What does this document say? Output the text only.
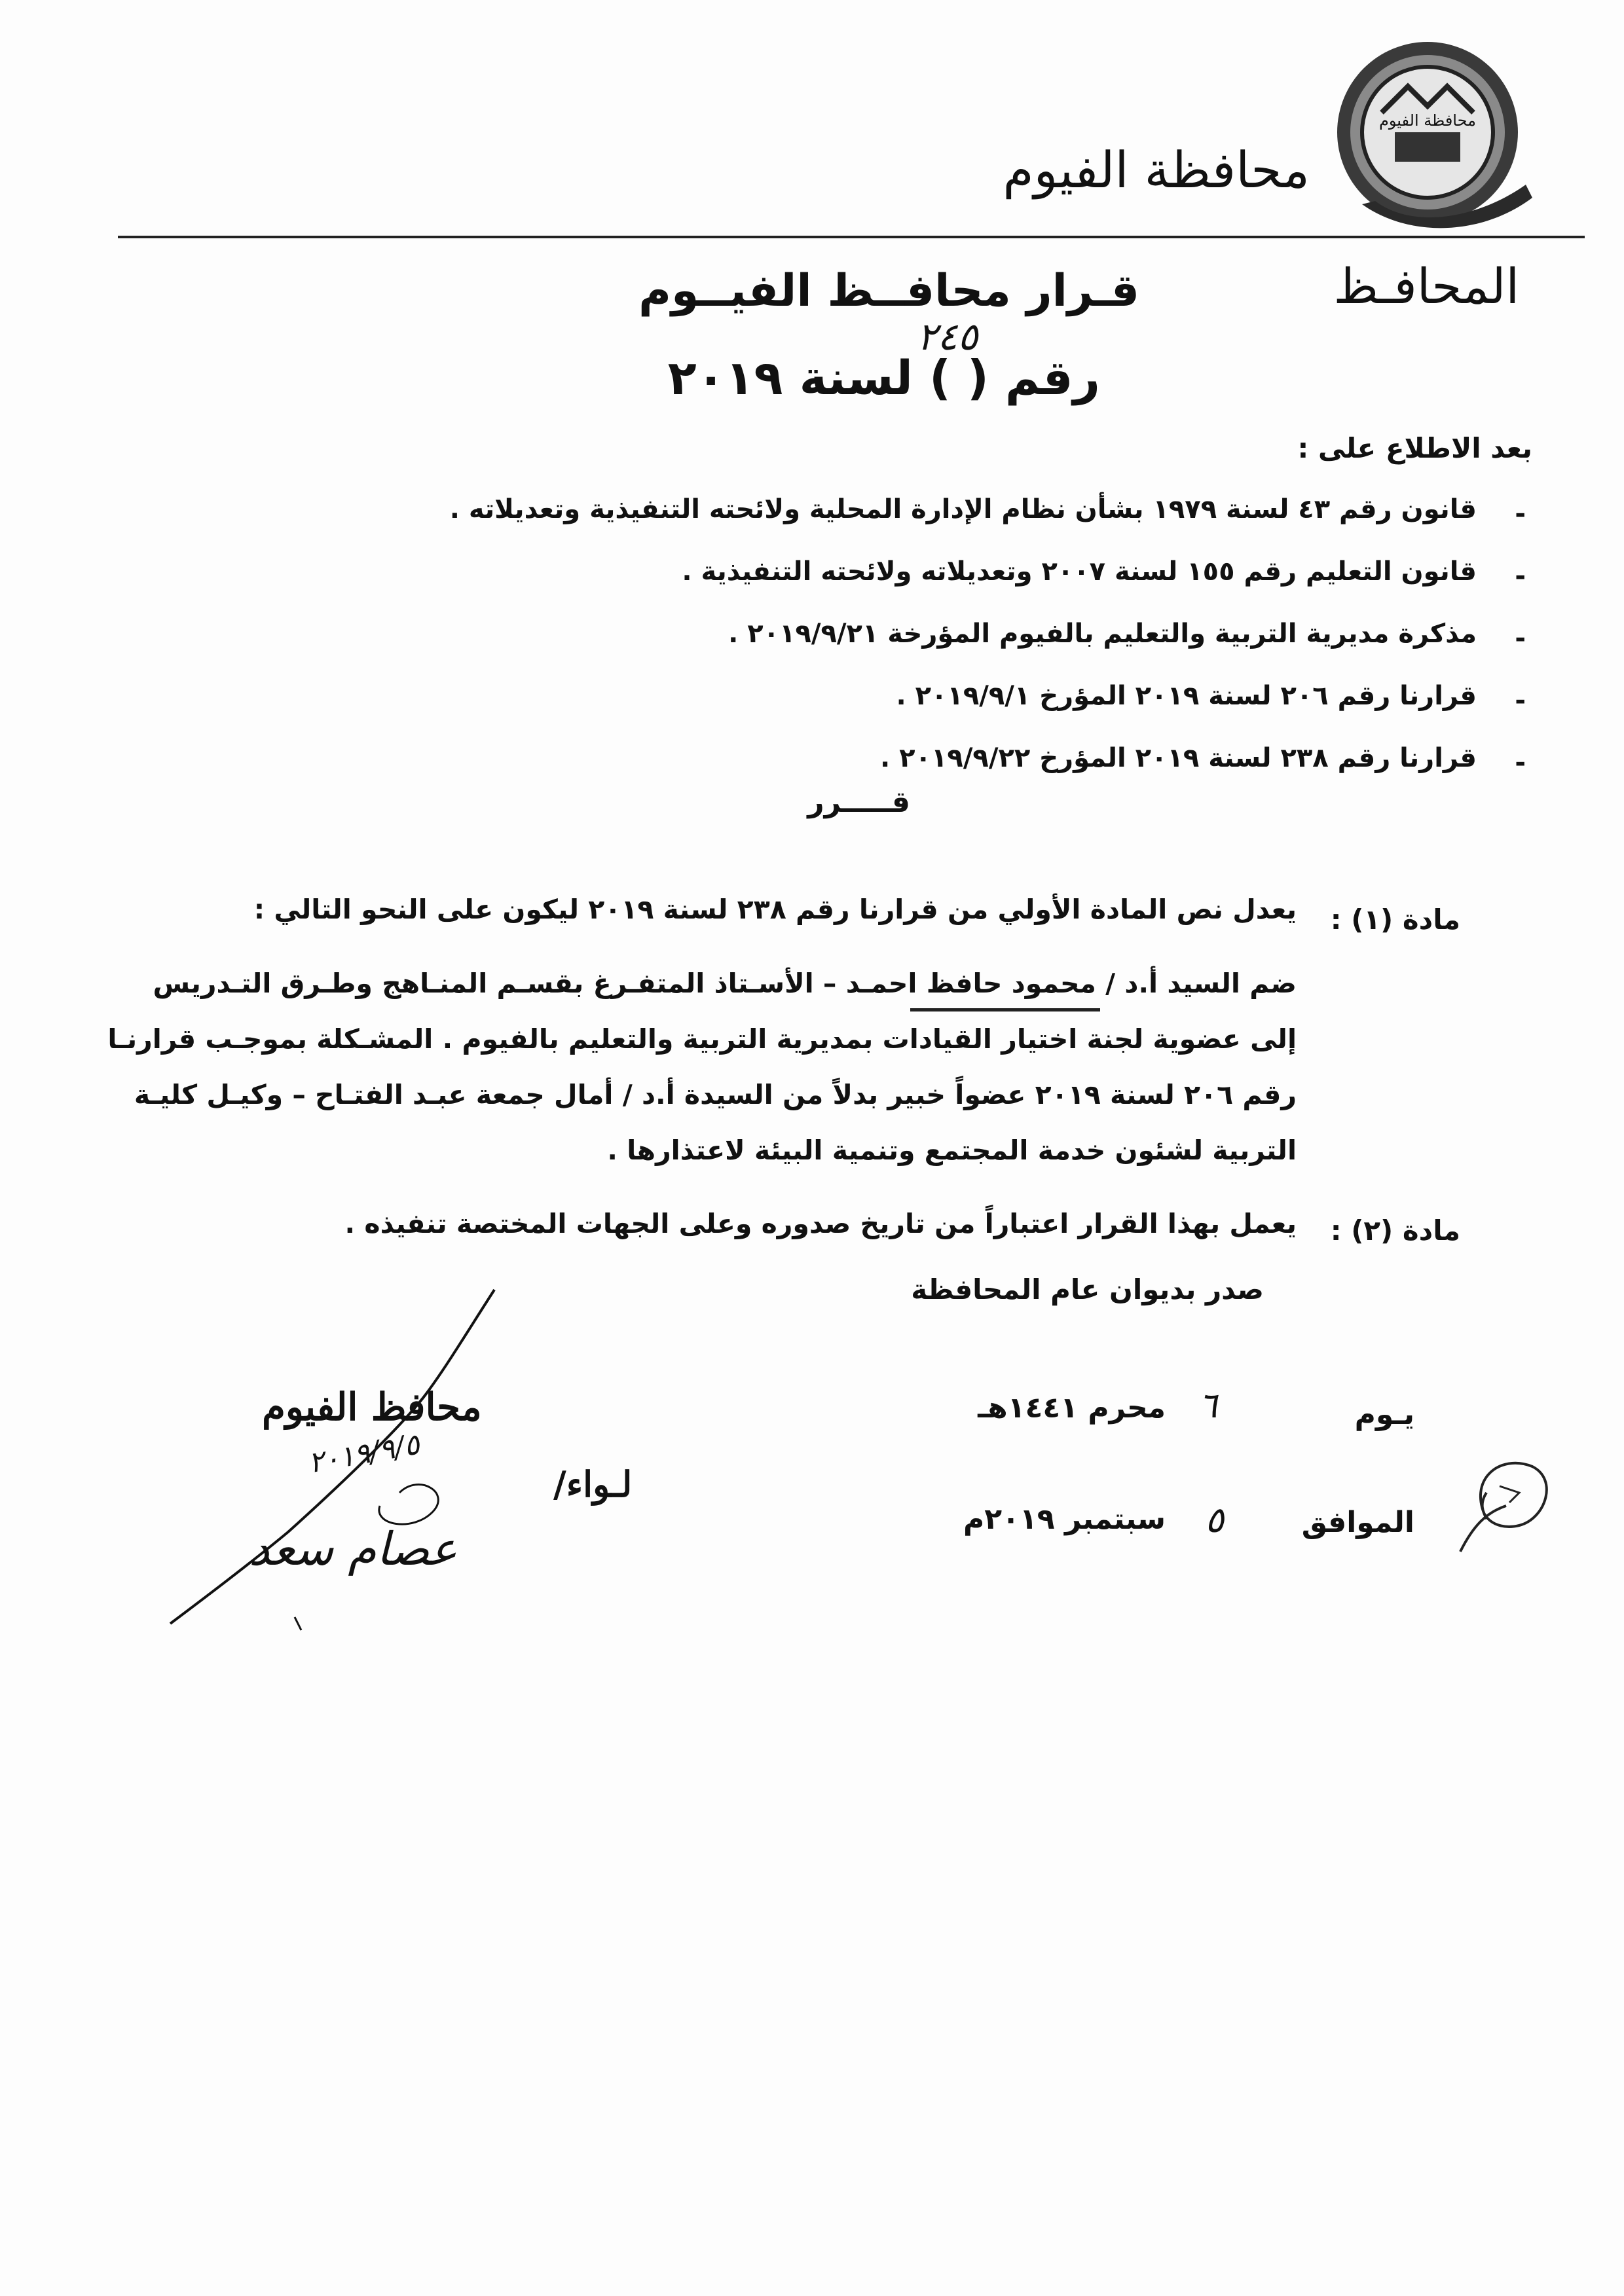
محافظة الفيوم
محافظة الفيوم
المحافـظ
قـرار محافــظ الفيــوم
٢٤٥
رقم ( ) لسنة ٢٠١٩
بعد الاطلاع على :
-
قانون رقم ٤٣ لسنة ١٩٧٩ بشأن نظام الإدارة المحلية ولائحته التنفيذية وتعديلاته .
-
قانون التعليم رقم ١٥٥ لسنة ٢٠٠٧ وتعديلاته ولائحته التنفيذية .
-
مذكرة مديرية التربية والتعليم بالفيوم المؤرخة ٢٠١٩/٩/٢١ .
-
قرارنا رقم ٢٠٦ لسنة ٢٠١٩ المؤرخ ٢٠١٩/٩/١ .
-
قرارنا رقم ٢٣٨ لسنة ٢٠١٩ المؤرخ ٢٠١٩/٩/٢٢ .
قـــــرر
مادة (١) :
يعدل نص المادة الأولي من قرارنا رقم ٢٣٨ لسنة ٢٠١٩ ليكون على النحو التالي :
ضم السيد أ.د / محمود حافظ احمـد – الأسـتاذ المتفـرغ بقسـم المنـاهج وطـرق التـدريس
إلى عضوية لجنة اختيار القيادات بمديرية التربية والتعليم بالفيوم . المشـكلة بموجـب قرارنـا
رقم ٢٠٦ لسنة ٢٠١٩ عضواً خبير بدلاً من السيدة أ.د / أمال جمعة عبـد الفتـاح – وكيـل كليـة
التربية لشئون خدمة المجتمع وتنمية البيئة لاعتذارها .
مادة (٢) :
يعمل بهذا القرار اعتباراً من تاريخ صدوره وعلى الجهات المختصة تنفيذه .
صدر بديوان عام المحافظة
يـوم
٦
محرم ١٤٤١هـ
الموافق
٥
سبتمبر ٢٠١٩م
محافظ الفيوم
٢٠١٩/٩/٥
لـواء/
عصام سعد
